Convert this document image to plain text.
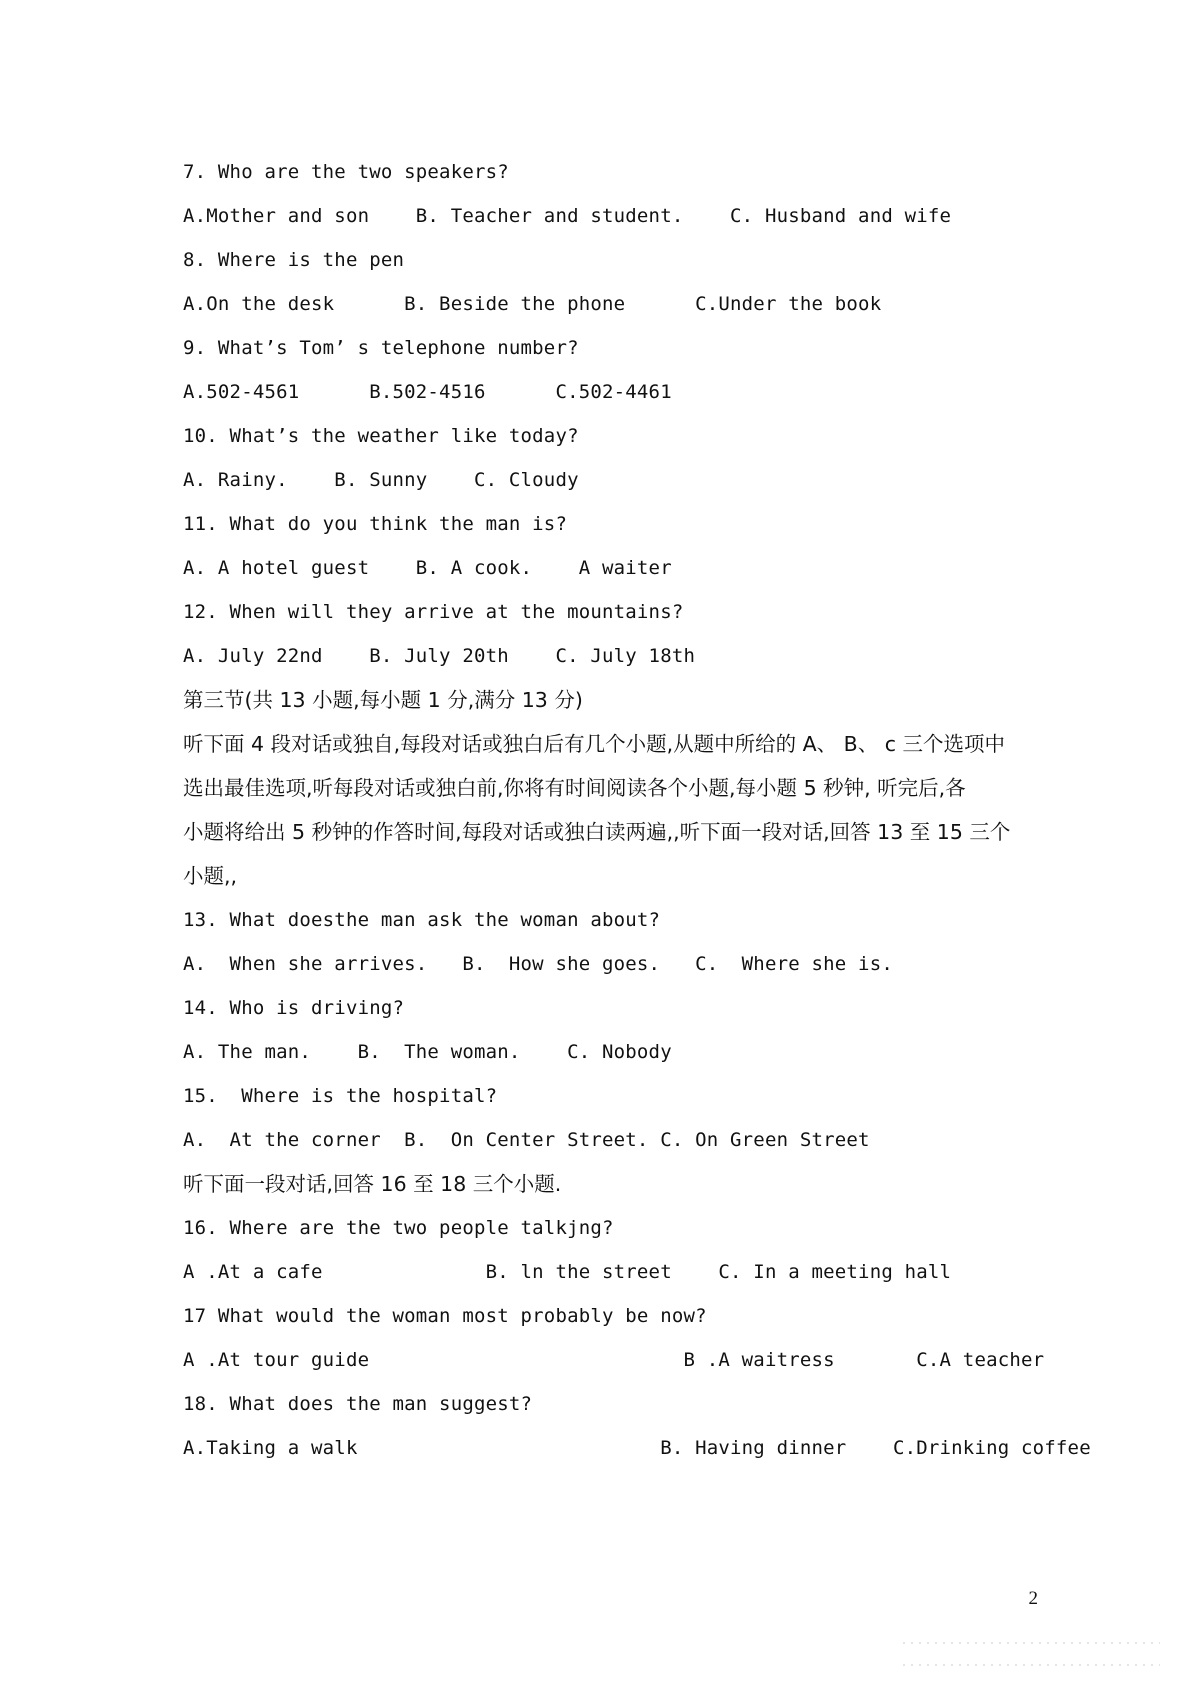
7. Who are the two speakers?
A.Mother and son    B. Teacher and student.    C. Husband and wife
8. Where is the pen
A.On the desk      B. Beside the phone      C.Under the book
9. What’s Tom’ s telephone number?
A.502-4561      B.502-4516      C.502-4461
10. What’s the weather like today?
A. Rainy.    B. Sunny    C. Cloudy
11. What do you think the man is?
A. A hotel guest    B. A cook.    A waiter
12. When will they arrive at the mountains?
A. July 22nd    B. July 20th    C. July 18th
第三节(共 13 小题,每小题 1 分,满分 13 分)
听下面 4 段对话或独自,每段对话或独白后有几个小题,从题中所给的 A、 B、 c 三个选项中
选出最佳选项,听每段对话或独白前,你将有时间阅读各个小题,每小题 5 秒钟, 听完后,各
小题将给出 5 秒钟的作答时间,每段对话或独白读两遍,,听下面一段对话,回答 13 至 15 三个
小题,,
13. What doesthe man ask the woman about?
A.  When she arrives.   B.  How she goes.   C.  Where she is.
14. Who is driving?
A. The man.    B.  The woman.    C. Nobody
15.  Where is the hospital?
A.  At the corner  B.  On Center Street. C. On Green Street
听下面一段对话,回答 16 至 18 三个小题.
16. Where are the two people talkjng?
A .At a cafe              B. ln the street    C. In a meeting hall
17 What would the woman most probably be now?
A .At tour guide                           B .A waitress       C.A teacher
18. What does the man suggest?
A.Taking a walk                          B. Having dinner    C.Drinking coffee
2
